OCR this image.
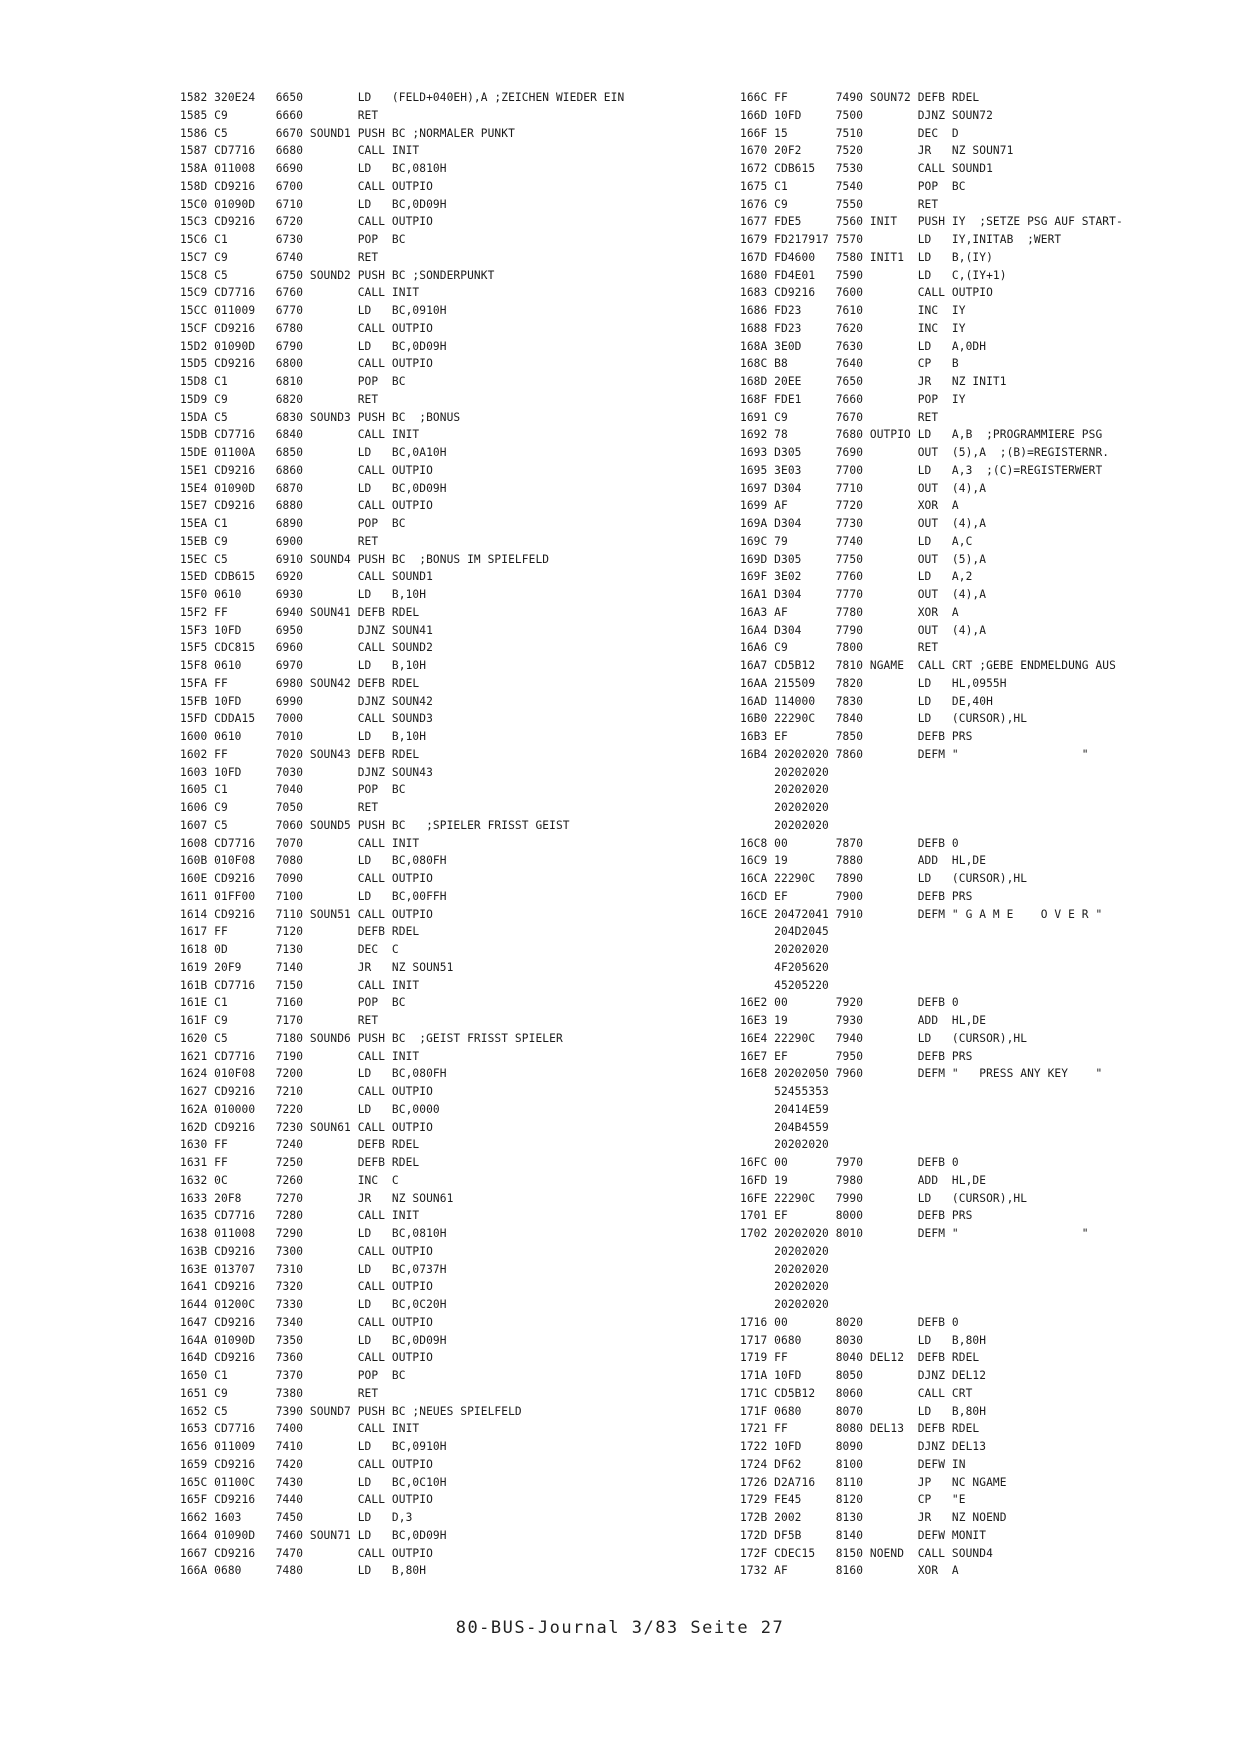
1582 320E24   6650        LD   (FELD+040EH),A ;ZEICHEN WIEDER EIN
1585 C9       6660        RET
1586 C5       6670 SOUND1 PUSH BC ;NORMALER PUNKT
1587 CD7716   6680        CALL INIT
158A 011008   6690        LD   BC,0810H
158D CD9216   6700        CALL OUTPIO
15C0 01090D   6710        LD   BC,0D09H
15C3 CD9216   6720        CALL OUTPIO
15C6 C1       6730        POP  BC
15C7 C9       6740        RET
15C8 C5       6750 SOUND2 PUSH BC ;SONDERPUNKT
15C9 CD7716   6760        CALL INIT
15CC 011009   6770        LD   BC,0910H
15CF CD9216   6780        CALL OUTPIO
15D2 01090D   6790        LD   BC,0D09H
15D5 CD9216   6800        CALL OUTPIO
15D8 C1       6810        POP  BC
15D9 C9       6820        RET
15DA C5       6830 SOUND3 PUSH BC  ;BONUS
15DB CD7716   6840        CALL INIT
15DE 01100A   6850        LD   BC,0A10H
15E1 CD9216   6860        CALL OUTPIO
15E4 01090D   6870        LD   BC,0D09H
15E7 CD9216   6880        CALL OUTPIO
15EA C1       6890        POP  BC
15EB C9       6900        RET
15EC C5       6910 SOUND4 PUSH BC  ;BONUS IM SPIELFELD
15ED CDB615   6920        CALL SOUND1
15F0 0610     6930        LD   B,10H
15F2 FF       6940 SOUN41 DEFB RDEL
15F3 10FD     6950        DJNZ SOUN41
15F5 CDC815   6960        CALL SOUND2
15F8 0610     6970        LD   B,10H
15FA FF       6980 SOUN42 DEFB RDEL
15FB 10FD     6990        DJNZ SOUN42
15FD CDDA15   7000        CALL SOUND3
1600 0610     7010        LD   B,10H
1602 FF       7020 SOUN43 DEFB RDEL
1603 10FD     7030        DJNZ SOUN43
1605 C1       7040        POP  BC
1606 C9       7050        RET
1607 C5       7060 SOUND5 PUSH BC   ;SPIELER FRISST GEIST
1608 CD7716   7070        CALL INIT
160B 010F08   7080        LD   BC,080FH
160E CD9216   7090        CALL OUTPIO
1611 01FF00   7100        LD   BC,00FFH
1614 CD9216   7110 SOUN51 CALL OUTPIO
1617 FF       7120        DEFB RDEL
1618 0D       7130        DEC  C
1619 20F9     7140        JR   NZ SOUN51
161B CD7716   7150        CALL INIT
161E C1       7160        POP  BC
161F C9       7170        RET
1620 C5       7180 SOUND6 PUSH BC  ;GEIST FRISST SPIELER
1621 CD7716   7190        CALL INIT
1624 010F08   7200        LD   BC,080FH
1627 CD9216   7210        CALL OUTPIO
162A 010000   7220        LD   BC,0000
162D CD9216   7230 SOUN61 CALL OUTPIO
1630 FF       7240        DEFB RDEL
1631 FF       7250        DEFB RDEL
1632 0C       7260        INC  C
1633 20F8     7270        JR   NZ SOUN61
1635 CD7716   7280        CALL INIT
1638 011008   7290        LD   BC,0810H
163B CD9216   7300        CALL OUTPIO
163E 013707   7310        LD   BC,0737H
1641 CD9216   7320        CALL OUTPIO
1644 01200C   7330        LD   BC,0C20H
1647 CD9216   7340        CALL OUTPIO
164A 01090D   7350        LD   BC,0D09H
164D CD9216   7360        CALL OUTPIO
1650 C1       7370        POP  BC
1651 C9       7380        RET
1652 C5       7390 SOUND7 PUSH BC ;NEUES SPIELFELD
1653 CD7716   7400        CALL INIT
1656 011009   7410        LD   BC,0910H
1659 CD9216   7420        CALL OUTPIO
165C 01100C   7430        LD   BC,0C10H
165F CD9216   7440        CALL OUTPIO
1662 1603     7450        LD   D,3
1664 01090D   7460 SOUN71 LD   BC,0D09H
1667 CD9216   7470        CALL OUTPIO
166A 0680     7480        LD   B,80H
166C FF       7490 SOUN72 DEFB RDEL
166D 10FD     7500        DJNZ SOUN72
166F 15       7510        DEC  D
1670 20F2     7520        JR   NZ SOUN71
1672 CDB615   7530        CALL SOUND1
1675 C1       7540        POP  BC
1676 C9       7550        RET
1677 FDE5     7560 INIT   PUSH IY  ;SETZE PSG AUF START-
1679 FD217917 7570        LD   IY,INITAB  ;WERT
167D FD4600   7580 INIT1  LD   B,(IY)
1680 FD4E01   7590        LD   C,(IY+1)
1683 CD9216   7600        CALL OUTPIO
1686 FD23     7610        INC  IY
1688 FD23     7620        INC  IY
168A 3E0D     7630        LD   A,0DH
168C B8       7640        CP   B
168D 20EE     7650        JR   NZ INIT1
168F FDE1     7660        POP  IY
1691 C9       7670        RET
1692 78       7680 OUTPIO LD   A,B  ;PROGRAMMIERE PSG
1693 D305     7690        OUT  (5),A  ;(B)=REGISTERNR.
1695 3E03     7700        LD   A,3  ;(C)=REGISTERWERT
1697 D304     7710        OUT  (4),A
1699 AF       7720        XOR  A
169A D304     7730        OUT  (4),A
169C 79       7740        LD   A,C
169D D305     7750        OUT  (5),A
169F 3E02     7760        LD   A,2
16A1 D304     7770        OUT  (4),A
16A3 AF       7780        XOR  A
16A4 D304     7790        OUT  (4),A
16A6 C9       7800        RET
16A7 CD5B12   7810 NGAME  CALL CRT ;GEBE ENDMELDUNG AUS
16AA 215509   7820        LD   HL,0955H
16AD 114000   7830        LD   DE,40H
16B0 22290C   7840        LD   (CURSOR),HL
16B3 EF       7850        DEFB PRS
16B4 20202020 7860        DEFM "                  "
20202020
20202020
20202020
20202020
16C8 00       7870        DEFB 0
16C9 19       7880        ADD  HL,DE
16CA 22290C   7890        LD   (CURSOR),HL
16CD EF       7900        DEFB PRS
16CE 20472041 7910        DEFM " G A M E    O V E R "
204D2045
20202020
4F205620
45205220
16E2 00       7920        DEFB 0
16E3 19       7930        ADD  HL,DE
16E4 22290C   7940        LD   (CURSOR),HL
16E7 EF       7950        DEFB PRS
16E8 20202050 7960        DEFM "   PRESS ANY KEY    "
52455353
20414E59
204B4559
20202020
16FC 00       7970        DEFB 0
16FD 19       7980        ADD  HL,DE
16FE 22290C   7990        LD   (CURSOR),HL
1701 EF       8000        DEFB PRS
1702 20202020 8010        DEFM "                  "
20202020
20202020
20202020
20202020
1716 00       8020        DEFB 0
1717 0680     8030        LD   B,80H
1719 FF       8040 DEL12  DEFB RDEL
171A 10FD     8050        DJNZ DEL12
171C CD5B12   8060        CALL CRT
171F 0680     8070        LD   B,80H
1721 FF       8080 DEL13  DEFB RDEL
1722 10FD     8090        DJNZ DEL13
1724 DF62     8100        DEFW IN
1726 D2A716   8110        JP   NC NGAME
1729 FE45     8120        CP   "E
172B 2002     8130        JR   NZ NOEND
172D DF5B     8140        DEFW MONIT
172F CDEC15   8150 NOEND  CALL SOUND4
1732 AF       8160        XOR  A
80-BUS-Journal 3/83 Seite 27
